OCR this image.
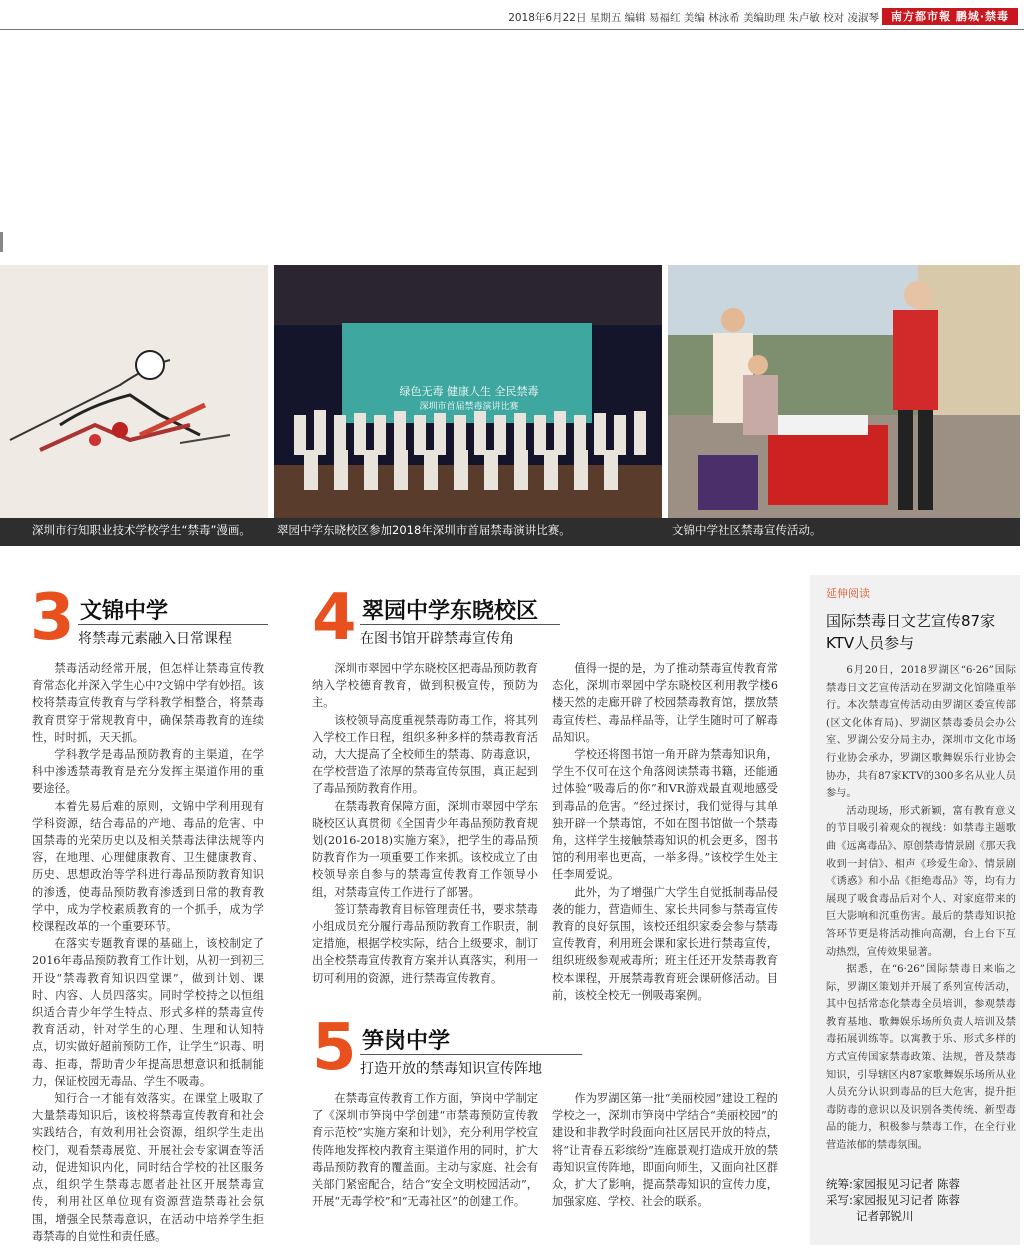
2018年6月22日 星期五 编辑 易福红 美编 林泳希 美编助理 朱卢敏 校对 凌淑琴	南方都市報 鹏城·禁毒
绿色无毒 健康人生 全民禁毒
深圳市首届禁毒演讲比赛
深圳市行知职业技术学校学生“禁毒”漫画。 翠园中学东晓校区参加2018年深圳市首届禁毒演讲比赛。	文锦中学社区禁毒宣传活动。
3 文锦中学
将禁毒元素融入日常课程

禁毒活动经常开展，但怎样让禁毒宣传教育常态化并深入学生心中?文锦中学有妙招。该校将禁毒宣传教育与学科教学相整合，将禁毒教育贯穿于常规教育中，确保禁毒教育的连续性，时时抓，天天抓。

学科教学是毒品预防教育的主渠道，在学科中渗透禁毒教育是充分发挥主渠道作用的重要途径。

本着先易后难的原则，文锦中学利用现有学科资源，结合毒品的产地、毒品的危害、中国禁毒的光荣历史以及相关禁毒法律法规等内容，在地理、心理健康教育、卫生健康教育、历史、思想政治等学科进行毒品预防教育知识的渗透，使毒品预防教育渗透到日常的教育教学中，成为学校素质教育的一个抓手，成为学校课程改革的一个重要环节。

在落实专题教育课的基础上，该校制定了2016年毒品预防教育工作计划，从初一到初三开设“禁毒教育知识四堂课”，做到计划、课时、内容、人员四落实。同时学校持之以恒组织适合青少年学生特点、形式多样的禁毒宣传教育活动，针对学生的心理、生理和认知特点，切实做好超前预防工作，让学生“识毒、明毒、拒毒，帮助青少年提高思想意识和抵制能力，保证校园无毒品、学生不吸毒。

知行合一才能有效落实。在课堂上吸取了大量禁毒知识后，该校将禁毒宣传教育和社会实践结合，有效利用社会资源，组织学生走出校门，观看禁毒展览、开展社会专家调查等活动，促进知识内化，同时结合学校的社区服务点，组织学生禁毒志愿者赴社区开展禁毒宣传，利用社区单位现有资源营造禁毒社会氛围，增强全民禁毒意识，在活动中培养学生拒毒禁毒的自觉性和责任感。

4 翠园中学东晓校区
在图书馆开辟禁毒宣传角

深圳市翠园中学东晓校区把毒品预防教育纳入学校德育教育，做到积极宣传，预防为主。

该校领导高度重视禁毒防毒工作，将其列入学校工作日程，组织多种多样的禁毒教育活动，大大提高了全校师生的禁毒、防毒意识，在学校营造了浓厚的禁毒宣传氛围，真正起到了毒品预防教育作用。

在禁毒教育保障方面，深圳市翠园中学东晓校区认真贯彻《全国青少年毒品预防教育规划(2016-2018)实施方案》，把学生的毒品预防教育作为一项重要工作来抓。该校成立了由校领导亲自参与的禁毒宣传教育工作领导小组，对禁毒宣传工作进行了部署。

签订禁毒教育目标管理责任书，要求禁毒小组成员充分履行毒品预防教育工作职责，制定措施，根据学校实际，结合上级要求，制订出全校禁毒宣传教育方案并认真落实，利用一切可利用的资源，进行禁毒宣传教育。

值得一提的是，为了推动禁毒宣传教育常态化，深圳市翠园中学东晓校区利用教学楼6楼天然的走廊开辟了校园禁毒教育馆，摆放禁毒宣传栏、毒品样品等，让学生随时可了解毒品知识。

学校还将图书馆一角开辟为禁毒知识角，学生不仅可在这个角落阅读禁毒书籍，还能通过体验“吸毒后的你”和VR游戏最直观地感受到毒品的危害。“经过探讨，我们觉得与其单独开辟一个禁毒馆，不如在图书馆做一个禁毒角，这样学生接触禁毒知识的机会更多，图书馆的利用率也更高，一举多得。”该校学生处主任李周爱说。

此外，为了增强广大学生自觉抵制毒品侵袭的能力，营造师生、家长共同参与禁毒宣传教育的良好氛围，该校还组织家委会参与禁毒宣传教育，利用班会课和家长进行禁毒宣传，组织班级参观戒毒所；班主任还开发禁毒教育校本课程，开展禁毒教育班会课研修活动。目前，该校全校无一例吸毒案例。

5 笋岗中学
打造开放的禁毒知识宣传阵地

在禁毒宣传教育工作方面，笋岗中学制定了《深圳市笋岗中学创建“市禁毒预防宣传教育示范校”实施方案和计划》，充分利用学校宣传阵地发挥校内教育主渠道作用的同时，扩大毒品预防教育的覆盖面。主动与家庭、社会有关部门紧密配合，结合“安全文明校园活动”，开展“无毒学校”和“无毒社区”的创建工作。

作为罗湖区第一批“美丽校园”建设工程的学校之一，深圳市笋岗中学结合“美丽校园”的建设和非教学时段面向社区居民开放的特点，将“让青春五彩缤纷”连廊景观打造成开放的禁毒知识宣传阵地，即面向师生，又面向社区群众，扩大了影响，提高禁毒知识的宣传力度，加强家庭、学校、社会的联系。

延伸阅读
国际禁毒日文艺宣传87家KTV人员参与

6月20日，2018罗湖区“6·26”国际禁毒日文艺宣传活动在罗湖文化馆隆重举行。本次禁毒宣传活动由罗湖区委宣传部(区文化体育局)、罗湖区禁毒委员会办公室、罗湖公安分局主办，深圳市文化市场行业协会承办，罗湖区歌舞娱乐行业协会协办，共有87家KTV的300多名从业人员参与。

活动现场，形式新颖，富有教育意义的节目吸引着观众的视线：如禁毒主题歌曲《远离毒品》、原创禁毒情景剧《那天我收到一封信》、相声《珍爱生命》、情景剧《诱惑》和小品《拒绝毒品》等，均有力展现了吸食毒品后对个人、对家庭带来的巨大影响和沉重伤害。最后的禁毒知识抢答环节更是将活动推向高潮，台上台下互动热烈，宣传效果显著。

据悉，在“6·26”国际禁毒日来临之际，罗湖区策划并开展了系列宣传活动，其中包括常态化禁毒全员培训，参观禁毒教育基地、歌舞娱乐场所负责人培训及禁毒拓展训练等。以寓教于乐、形式多样的方式宣传国家禁毒政策、法规，普及禁毒知识，引导辖区内87家歌舞娱乐场所从业人员充分认识到毒品的巨大危害，提升拒毒防毒的意识以及识别各类传统、新型毒品的能力，积极参与禁毒工作，在全行业营造浓郁的禁毒氛围。

统筹:家园报见习记者 陈蓉
采写:家园报见习记者 陈蓉
记者郭锐川
